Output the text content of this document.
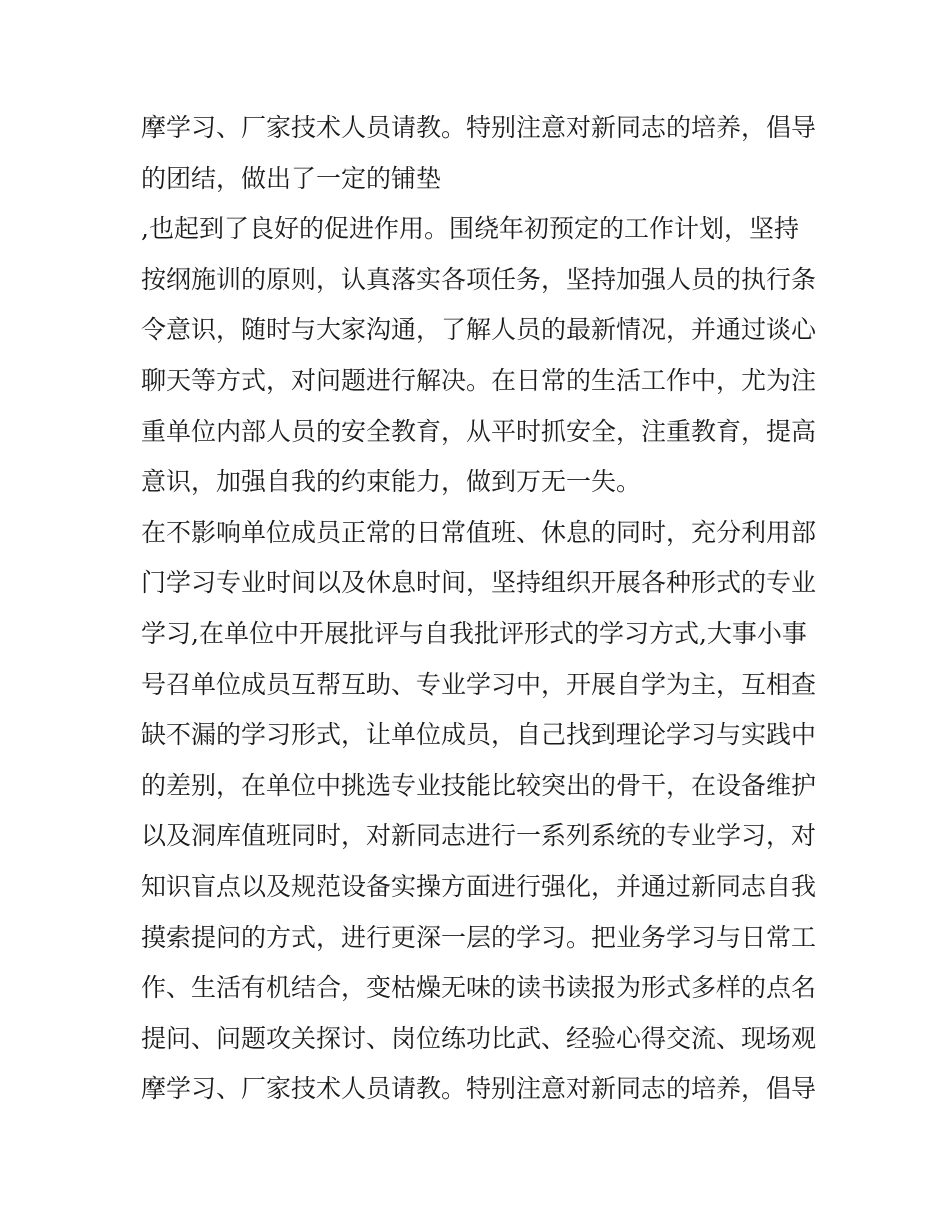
摩学习、厂家技术人员请教。特别注意对新同志的培养，倡导
的团结，做出了一定的铺垫
,也起到了良好的促进作用。围绕年初预定的工作计划，坚持
按纲施训的原则，认真落实各项任务，坚持加强人员的执行条
令意识，随时与大家沟通，了解人员的最新情况，并通过谈心
聊天等方式，对问题进行解决。在日常的生活工作中，尤为注
重单位内部人员的安全教育，从平时抓安全，注重教育，提高
意识，加强自我的约束能力，做到万无一失。
在不影响单位成员正常的日常值班、休息的同时，充分利用部
门学习专业时间以及休息时间，坚持组织开展各种形式的专业
学习,在单位中开展批评与自我批评形式的学习方式,大事小事
号召单位成员互帮互助、专业学习中，开展自学为主，互相查
缺不漏的学习形式，让单位成员，自己找到理论学习与实践中
的差别，在单位中挑选专业技能比较突出的骨干，在设备维护
以及洞库值班同时，对新同志进行一系列系统的专业学习，对
知识盲点以及规范设备实操方面进行强化，并通过新同志自我
摸索提问的方式，进行更深一层的学习。把业务学习与日常工
作、生活有机结合，变枯燥无味的读书读报为形式多样的点名
提问、问题攻关探讨、岗位练功比武、经验心得交流、现场观
摩学习、厂家技术人员请教。特别注意对新同志的培养，倡导
